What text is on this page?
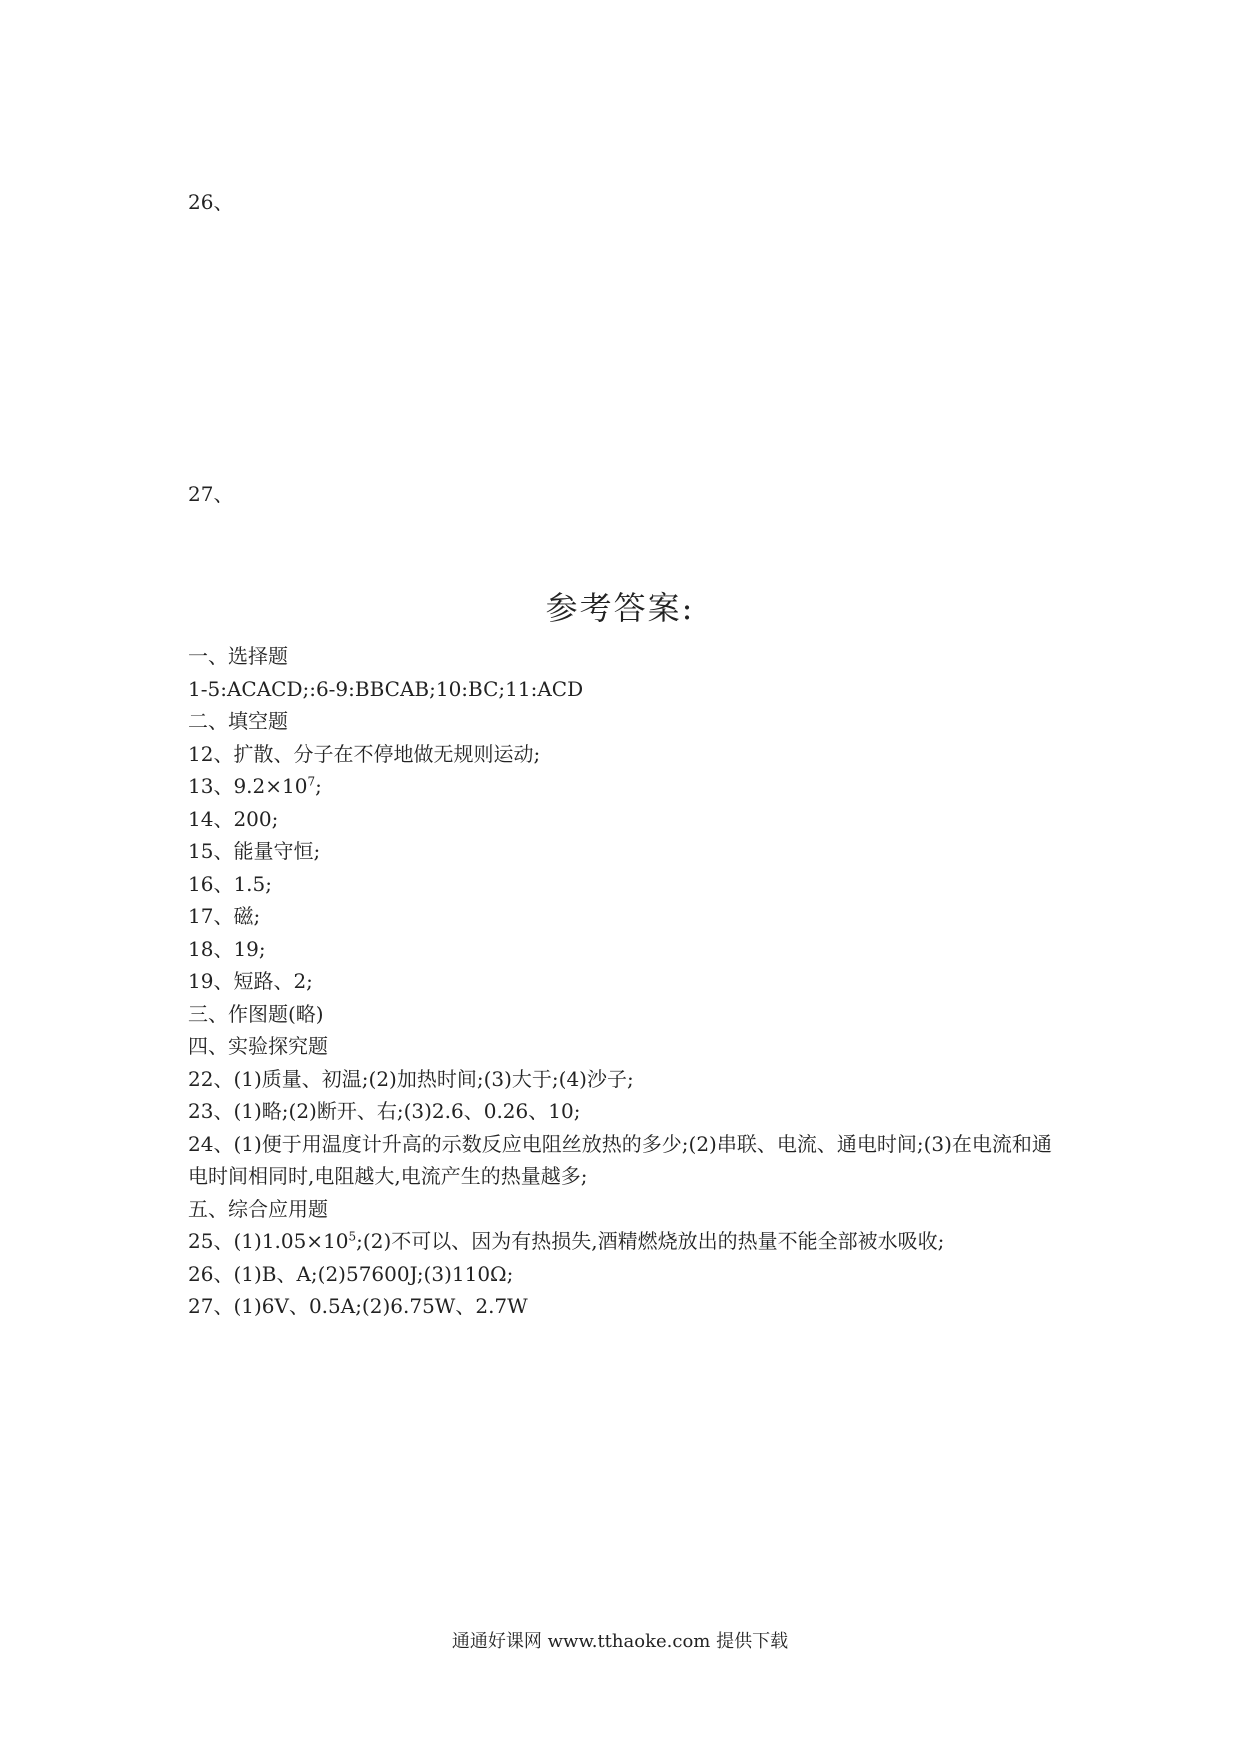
26、
27、
参考答案:
一、选择题
1-5:ACACD;:6-9:BBCAB;10:BC;11:ACD
二、填空题
12、扩散、分子在不停地做无规则运动;
13、$9.2\times 10^7$;
14、200;
15、能量守恒;
16、1.5;
17、磁;
18、19;
19、短路、2;
三、作图题(略)
四、实验探究题
22、(1)质量、初温;(2)加热时间;(3)大于;(4)沙子;
23、(1)略;(2)断开、右;(3)2.6、0.26、10;
24、(1)便于用温度计升高的示数反应电阻丝放热的多少;(2)串联、电流、通电时间;(3)在电流和通电时间相同时,电阻越大,电流产生的热量越多;
五、综合应用题
25、$(1)1.05\times 10^5;(2)$不可以、因为有热损失,酒精燃烧放出的热量不能全部被水吸收;
26、(1)B、A;(2)57600J;(3)110Ω;
27、(1)6V、0.5A;(2)6.75W、2.7W
通通好课网 www.tthaoke.com 提供下载
